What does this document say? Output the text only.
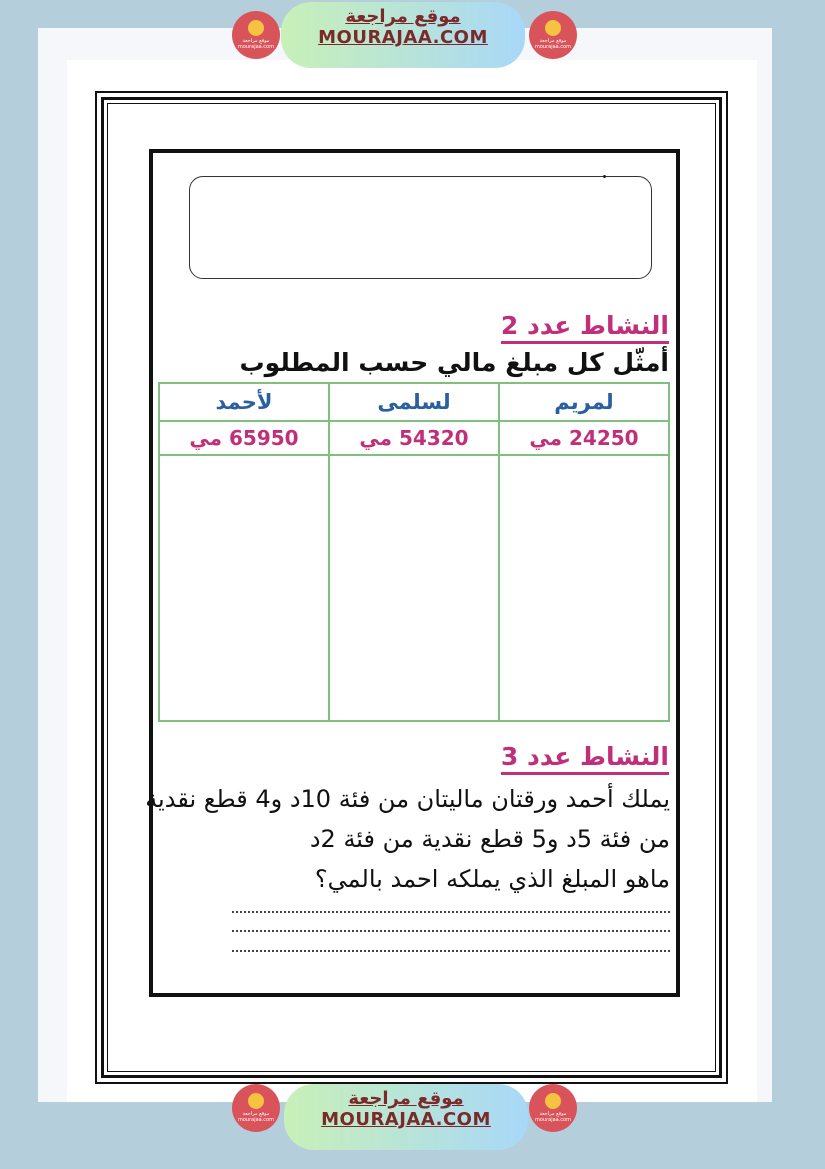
النشاط عدد 2
أمثّل كل مبلغ مالي حسب المطلوب
لمريم	لسلمى	لأحمد
24250 مي	54320 مي	65950 مي

النشاط عدد 3
يملك أحمد ورقتان ماليتان من فئة 10د و4 قطع نقدية
من فئة 5د و5 قطع نقدية من فئة 2د
ماهو المبلغ الذي يملكه احمد بالمي؟
موقع مراجعة mourajaa.com
موقع مراجعة
MOURAJAA.COM	موقع مراجعة mourajaa.com
موقع مراجعة mourajaa.com
موقع مراجعة
MOURAJAA.COM	موقع مراجعة mourajaa.com
